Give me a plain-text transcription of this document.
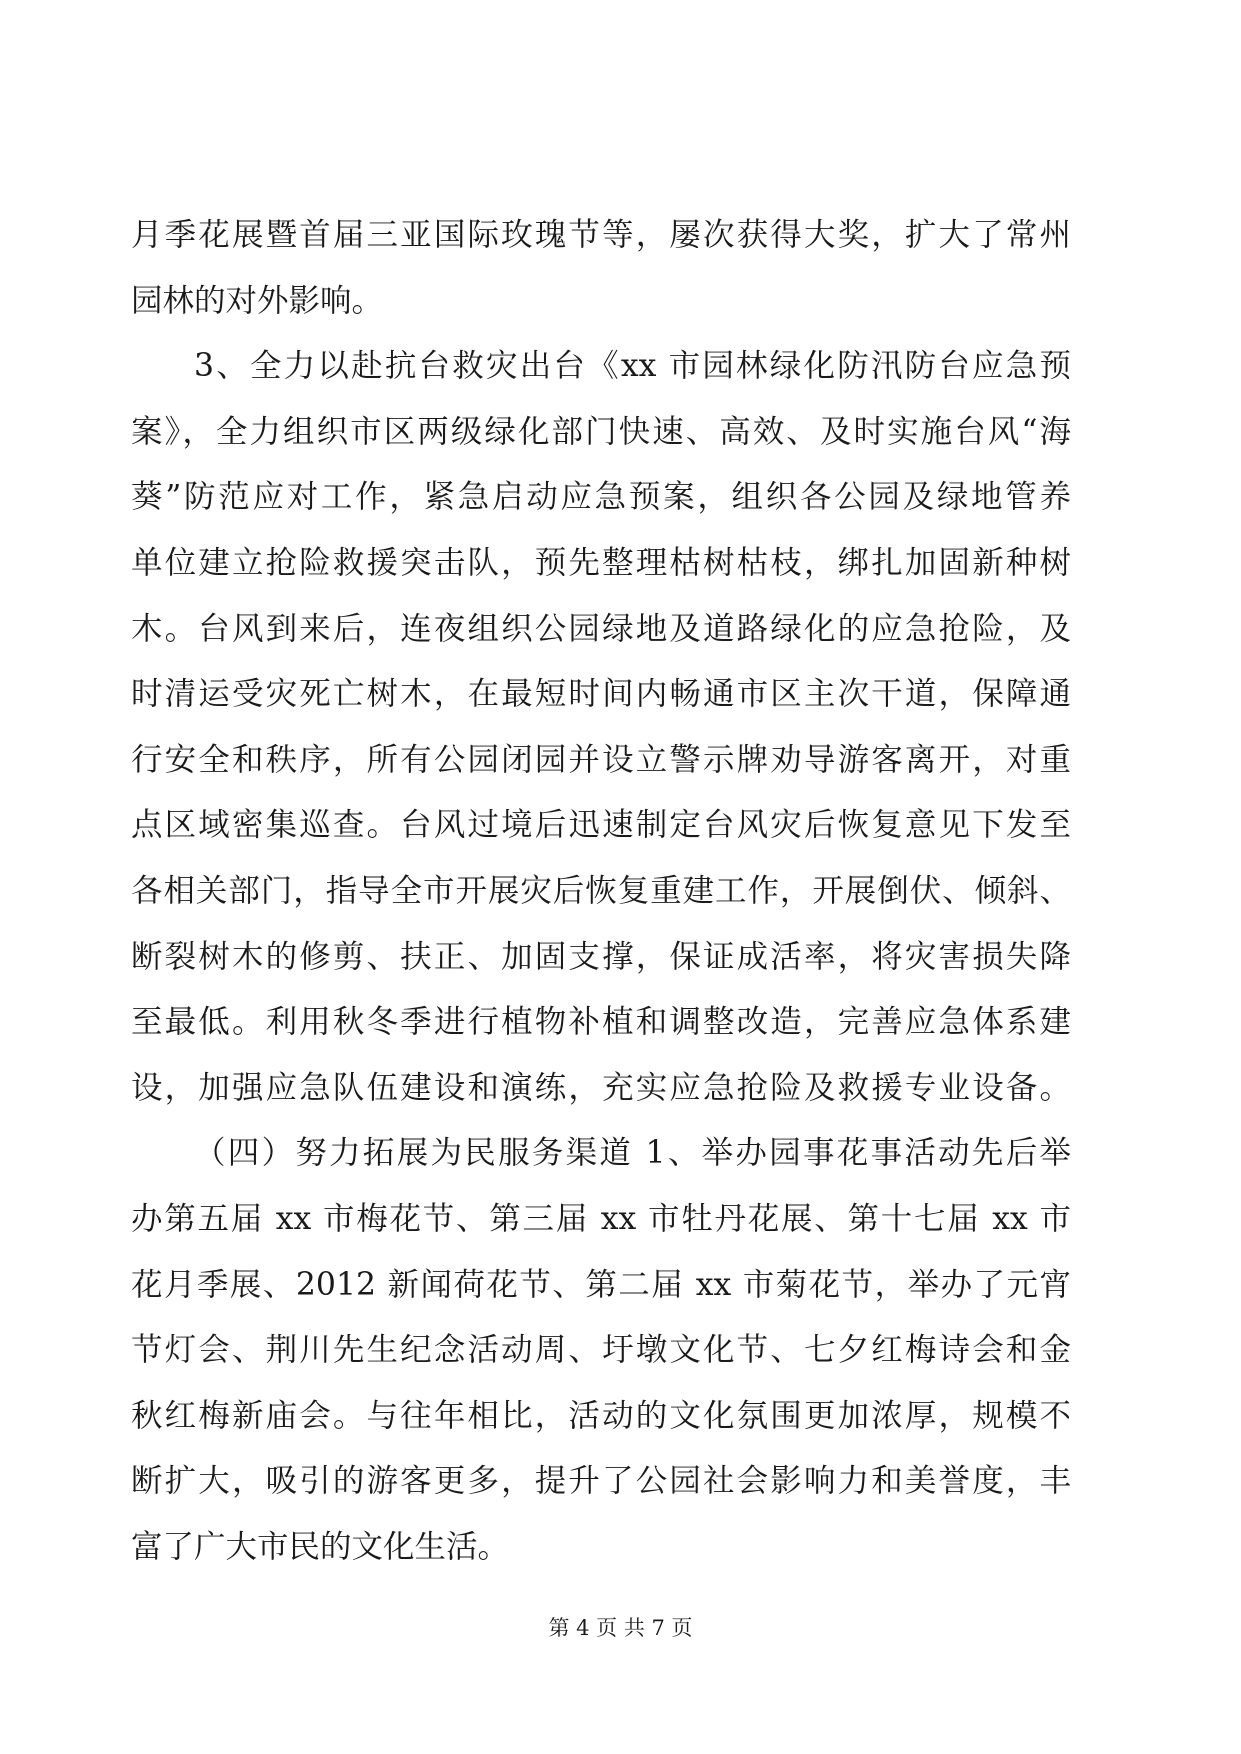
月季花展暨首届三亚国际玫瑰节等，屡次获得大奖，扩大了常州
园林的对外影响。
3、全力以赴抗台救灾出台《xx 市园林绿化防汛防台应急预
案》，全力组织市区两级绿化部门快速、高效、及时实施台风“海
葵”防范应对工作，紧急启动应急预案，组织各公园及绿地管养
单位建立抢险救援突击队，预先整理枯树枯枝，绑扎加固新种树
木。台风到来后，连夜组织公园绿地及道路绿化的应急抢险，及
时清运受灾死亡树木，在最短时间内畅通市区主次干道，保障通
行安全和秩序，所有公园闭园并设立警示牌劝导游客离开，对重
点区域密集巡查。台风过境后迅速制定台风灾后恢复意见下发至
各相关部门，指导全市开展灾后恢复重建工作，开展倒伏、倾斜、
断裂树木的修剪、扶正、加固支撑，保证成活率，将灾害损失降
至最低。利用秋冬季进行植物补植和调整改造，完善应急体系建
设，加强应急队伍建设和演练，充实应急抢险及救援专业设备。
（四）努力拓展为民服务渠道 1、举办园事花事活动先后举
办第五届 xx 市梅花节、第三届 xx 市牡丹花展、第十七届 xx 市
花月季展、2012 新闻荷花节、第二届 xx 市菊花节，举办了元宵
节灯会、荆川先生纪念活动周、圩墩文化节、七夕红梅诗会和金
秋红梅新庙会。与往年相比，活动的文化氛围更加浓厚，规模不
断扩大，吸引的游客更多，提升了公园社会影响力和美誉度，丰
富了广大市民的文化生活。
第 4 页 共 7 页
